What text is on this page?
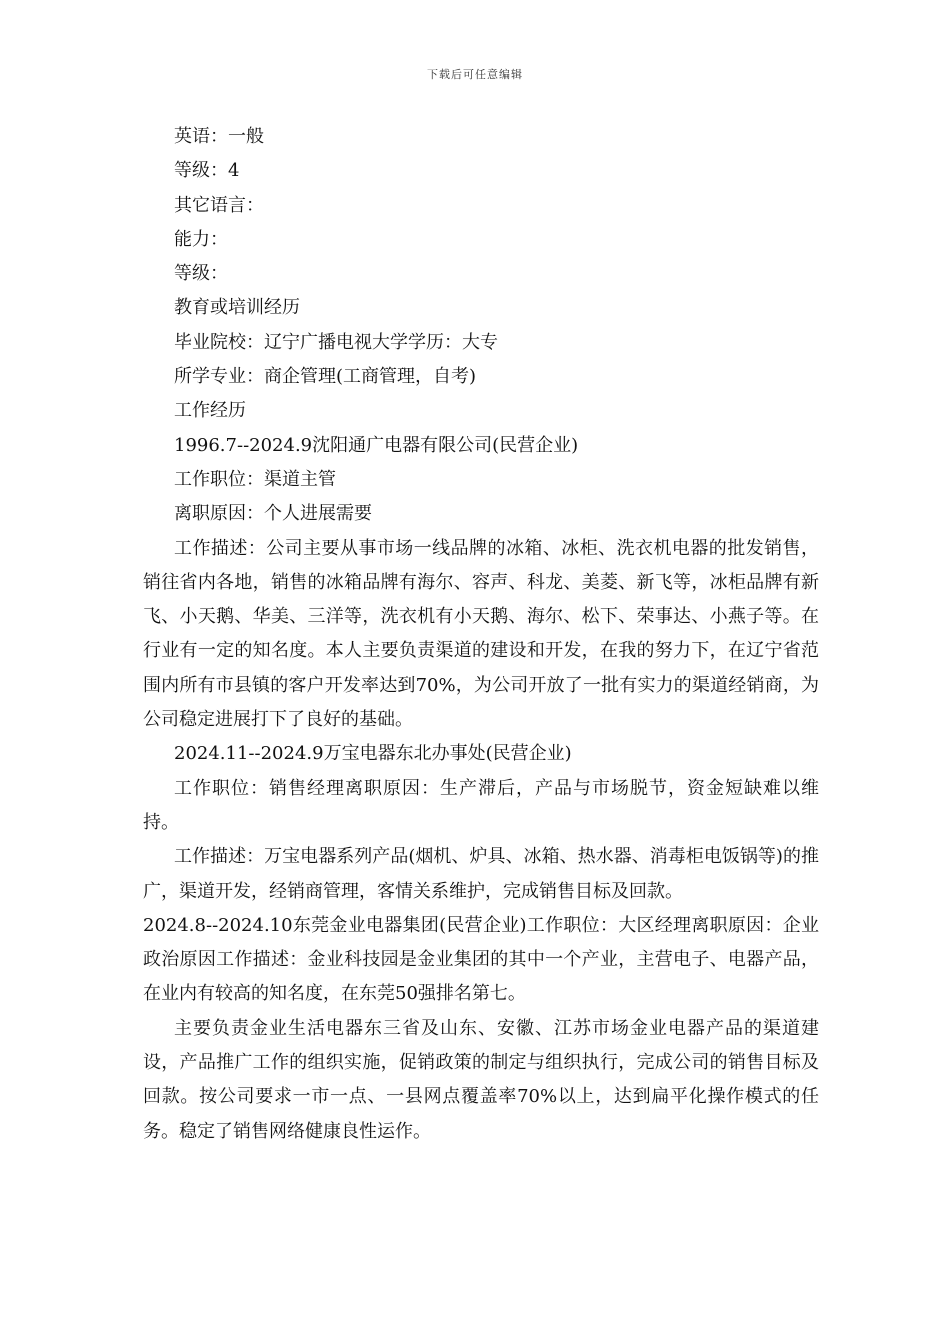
下载后可任意编辑
英语：一般
等级：4
其它语言：
能力：
等级：
教育或培训经历
毕业院校：辽宁广播电视大学学历：大专
所学专业：商企管理(工商管理，自考)
工作经历
1996.7--2024.9沈阳通广电器有限公司(民营企业)
工作职位：渠道主管
离职原因：个人进展需要
工作描述：公司主要从事市场一线品牌的冰箱、冰柜、洗衣机电器的批发销售，销往省内各地，销售的冰箱品牌有海尔、容声、科龙、美菱、新飞等，冰柜品牌有新飞、小天鹅、华美、三洋等，洗衣机有小天鹅、海尔、松下、荣事达、小燕子等。在行业有一定的知名度。本人主要负责渠道的建设和开发，在我的努力下，在辽宁省范围内所有市县镇的客户开发率达到70%，为公司开放了一批有实力的渠道经销商，为公司稳定进展打下了良好的基础。
2024.11--2024.9万宝电器东北办事处(民营企业)
工作职位：销售经理离职原因：生产滞后，产品与市场脱节，资金短缺难以维持。
工作描述：万宝电器系列产品(烟机、炉具、冰箱、热水器、消毒柜电饭锅等)的推广，渠道开发，经销商管理，客情关系维护，完成销售目标及回款。
2024.8--2024.10东莞金业电器集团(民营企业)工作职位：大区经理离职原因：企业政治原因工作描述：金业科技园是金业集团的其中一个产业，主营电子、电器产品，在业内有较高的知名度，在东莞50强排名第七。
主要负责金业生活电器东三省及山东、安徽、江苏市场金业电器产品的渠道建设，产品推广工作的组织实施，促销政策的制定与组织执行，完成公司的销售目标及回款。按公司要求一市一点、一县网点覆盖率70%以上，达到扁平化操作模式的任务。稳定了销售网络健康良性运作。
